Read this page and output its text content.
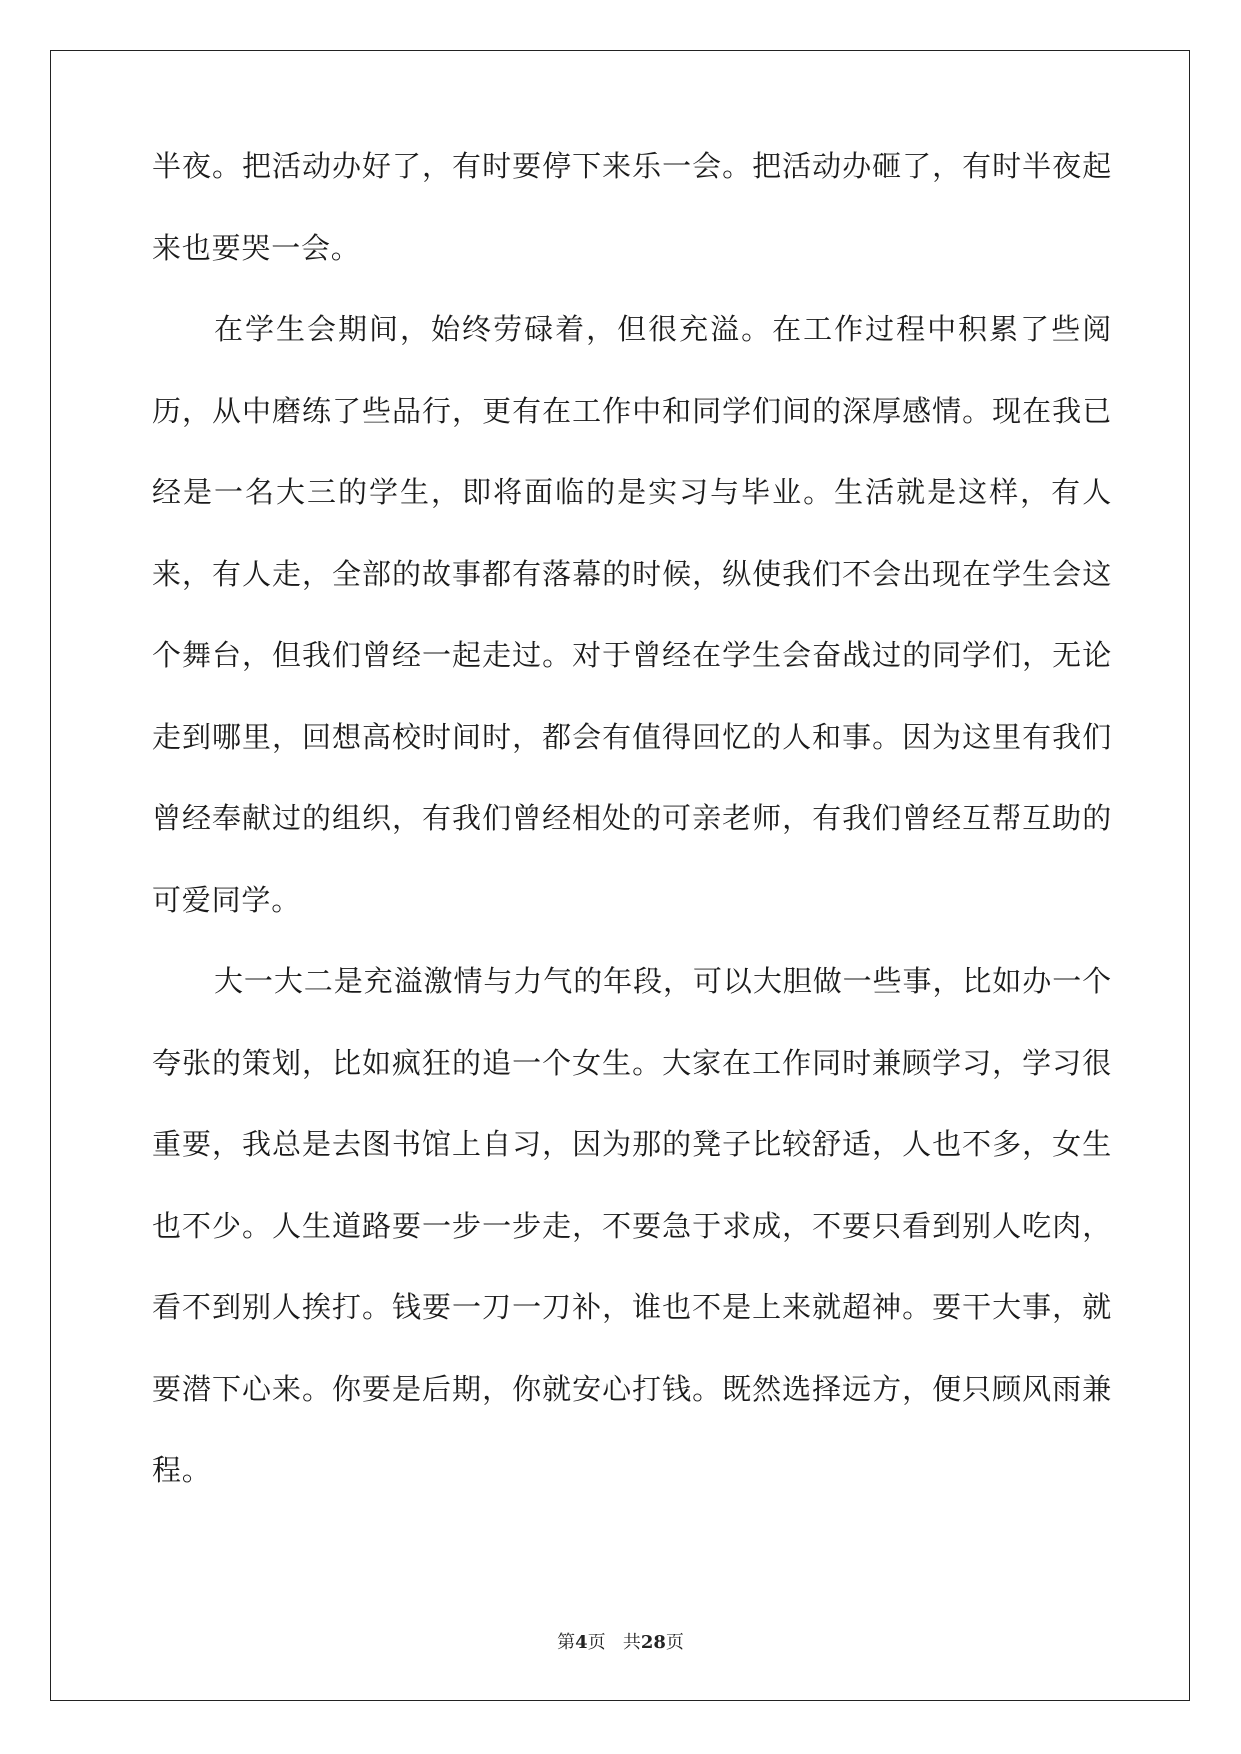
半夜。把活动办好了，有时要停下来乐一会。把活动办砸了，有时半夜起来也要哭一会。

在学生会期间，始终劳碌着，但很充溢。在工作过程中积累了些阅历，从中磨练了些品行，更有在工作中和同学们间的深厚感情。现在我已经是一名大三的学生，即将面临的是实习与毕业。生活就是这样，有人来，有人走，全部的故事都有落幕的时候，纵使我们不会出现在学生会这个舞台，但我们曾经一起走过。对于曾经在学生会奋战过的同学们，无论走到哪里，回想高校时间时，都会有值得回忆的人和事。因为这里有我们曾经奉献过的组织，有我们曾经相处的可亲老师，有我们曾经互帮互助的可爱同学。

大一大二是充溢激情与力气的年段，可以大胆做一些事，比如办一个夸张的策划，比如疯狂的追一个女生。大家在工作同时兼顾学习，学习很重要，我总是去图书馆上自习，因为那的凳子比较舒适，人也不多，女生也不少。人生道路要一步一步走，不要急于求成，不要只看到别人吃肉，看不到别人挨打。钱要一刀一刀补，谁也不是上来就超神。要干大事，就要潜下心来。你要是后期，你就安心打钱。既然选择远方，便只顾风雨兼程。

第4页 共28页
